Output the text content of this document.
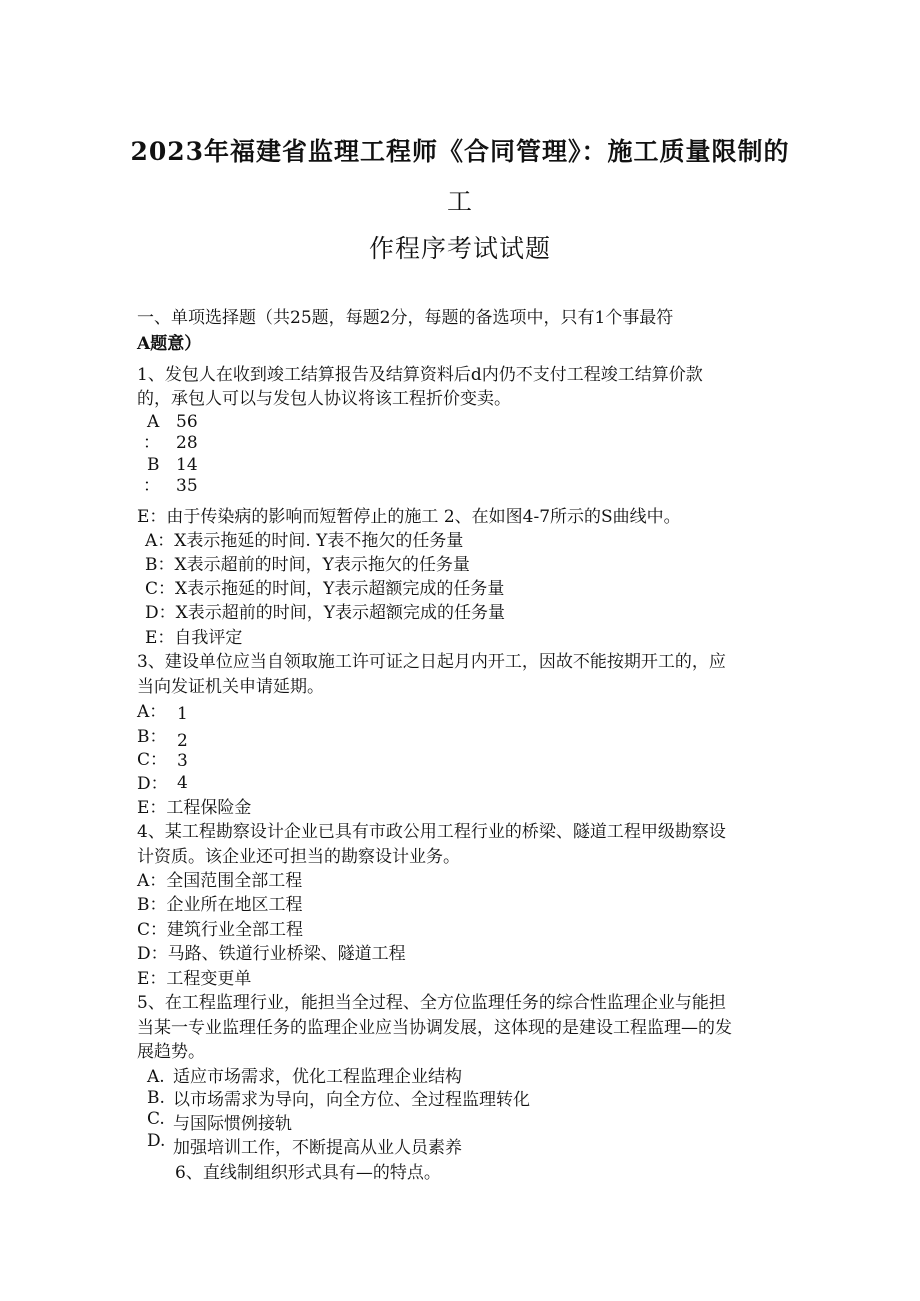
2023年福建省监理工程师《合同管理》：施工质量限制的
工
作程序考试试题
一、单项选择题（共25题，每题2分，每题的备选项中，只有1个事最符
A题意）
1、发包人在收到竣工结算报告及结算资料后d内仍不支付工程竣工结算价款
的，承包人可以与发包人协议将该工程折价变卖。
A 56
： 28
B 14
： 35
E：由于传染病的影响而短暂停止的施工 2、在如图4-7所示的S曲线中。
A：X表示拖延的时间. Y表不拖欠的任务量
B：X表示超前的时间，Y表示拖欠的任务量
C：X表示拖延的时间，Y表示超额完成的任务量
D：X表示超前的时间，Y表示超额完成的任务量
E：自我评定
3、建设单位应当自领取施工许可证之日起月内开工，因故不能按期开工的，应
当向发证机关申请延期。
A： 1
B： 2
C： 3
D： 4
E：工程保险金
4、某工程勘察设计企业已具有市政公用工程行业的桥梁、隧道工程甲级勘察设
计资质。该企业还可担当的勘察设计业务。
A：全国范围全部工程
B：企业所在地区工程
C：建筑行业全部工程
D：马路、铁道行业桥梁、隧道工程
E：工程变更单
5、在工程监理行业，能担当全过程、全方位监理任务的综合性监理企业与能担
当某一专业监理任务的监理企业应当协调发展，这体现的是建设工程监理—的发
展趋势。
A. 适应市场需求，优化工程监理企业结构
B. 以市场需求为导向，向全方位、全过程监理转化
C. 与国际惯例接轨
D. 加强培训工作，不断提高从业人员素养
6、直线制组织形式具有—的特点。
